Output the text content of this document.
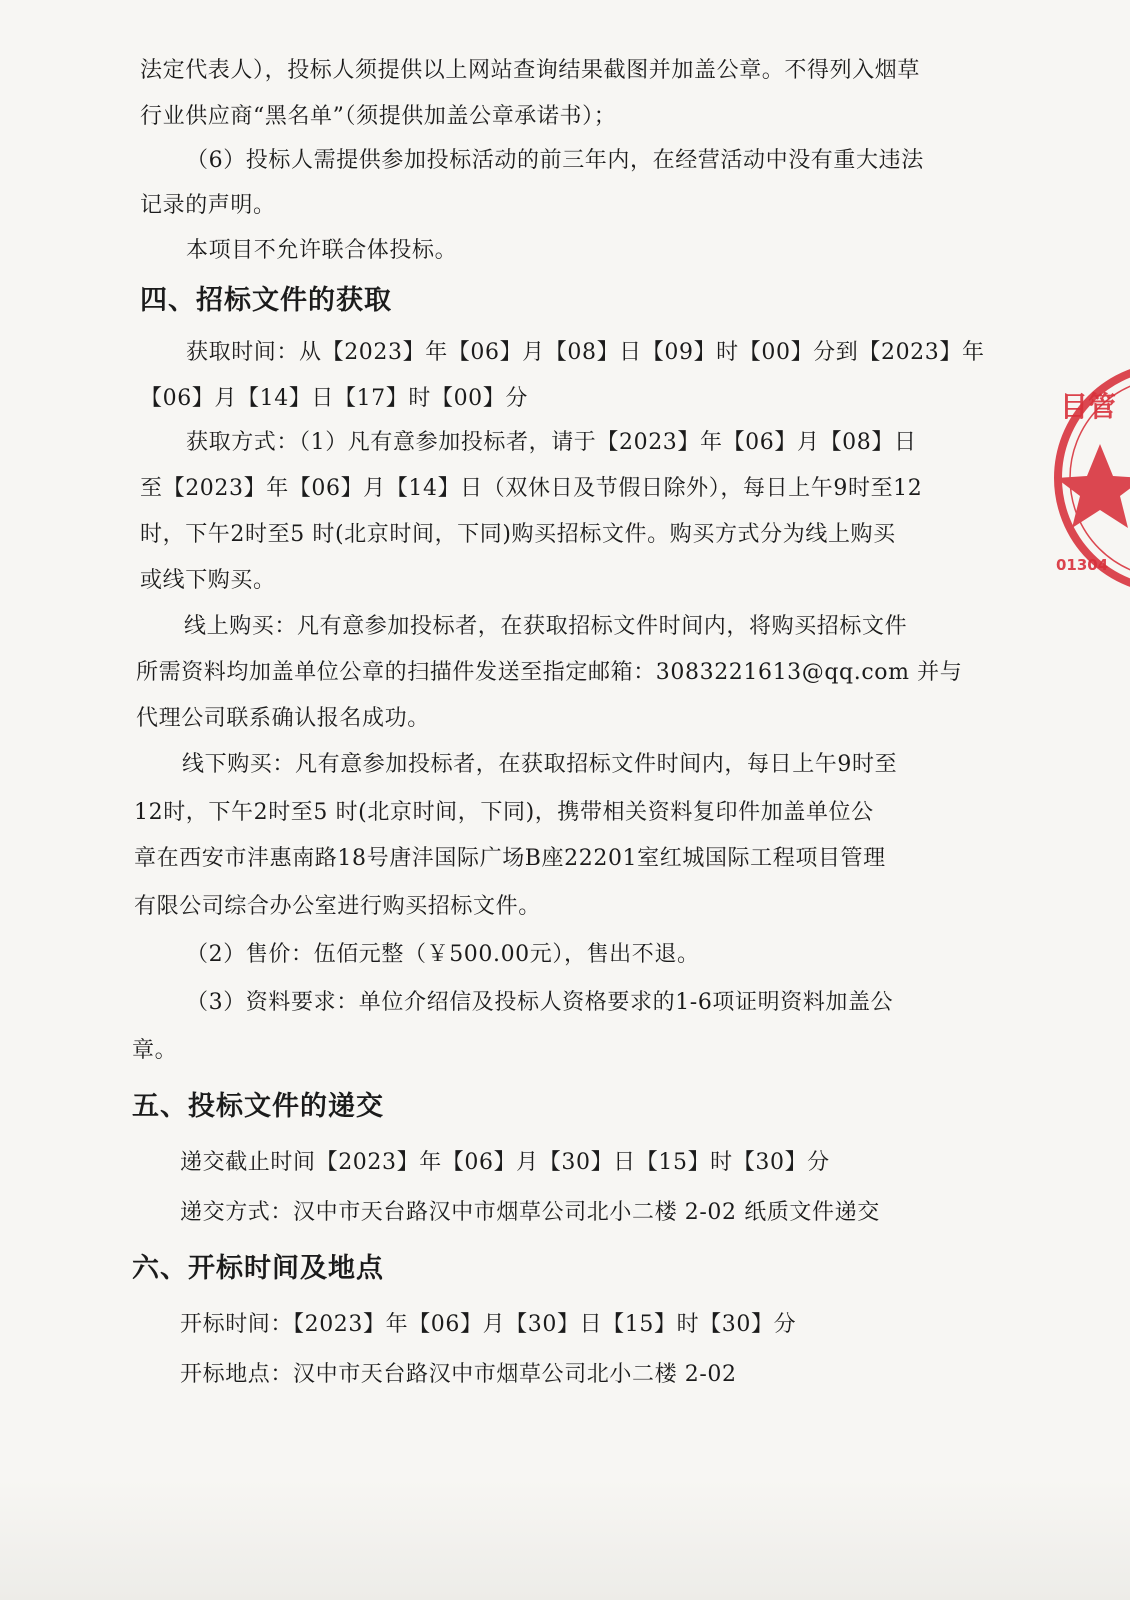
法定代表人），投标人须提供以上网站查询结果截图并加盖公章。不得列入烟草
行业供应商“黑名单”（须提供加盖公章承诺书）；
（6）投标人需提供参加投标活动的前三年内，在经营活动中没有重大违法
记录的声明。
本项目不允许联合体投标。
四、招标文件的获取
获取时间：从【2023】年【06】月【08】日【09】时【00】分到【2023】年
【06】月【14】日【17】时【00】分
获取方式：（1）凡有意参加投标者，请于【2023】年【06】月【08】日
至【2023】年【06】月【14】日（双休日及节假日除外），每日上午9时至12
时，下午2时至5 时(北京时间，下同)购买招标文件。购买方式分为线上购买
或线下购买。
线上购买：凡有意参加投标者，在获取招标文件时间内，将购买招标文件
所需资料均加盖单位公章的扫描件发送至指定邮箱：3083221613@qq.com 并与
代理公司联系确认报名成功。
线下购买：凡有意参加投标者，在获取招标文件时间内，每日上午9时至
12时，下午2时至5 时(北京时间，下同)，携带相关资料复印件加盖单位公
章在西安市沣惠南路18号唐沣国际广场B座22201室红城国际工程项目管理
有限公司综合办公室进行购买招标文件。
（2）售价：伍佰元整（￥500.00元），售出不退。
（3）资料要求：单位介绍信及投标人资格要求的1-6项证明资料加盖公
章。
五、投标文件的递交
递交截止时间【2023】年【06】月【30】日【15】时【30】分
递交方式：汉中市天台路汉中市烟草公司北小二楼 2-02 纸质文件递交
六、开标时间及地点
开标时间：【2023】年【06】月【30】日【15】时【30】分
开标地点：汉中市天台路汉中市烟草公司北小二楼 2-02
目管
01304
